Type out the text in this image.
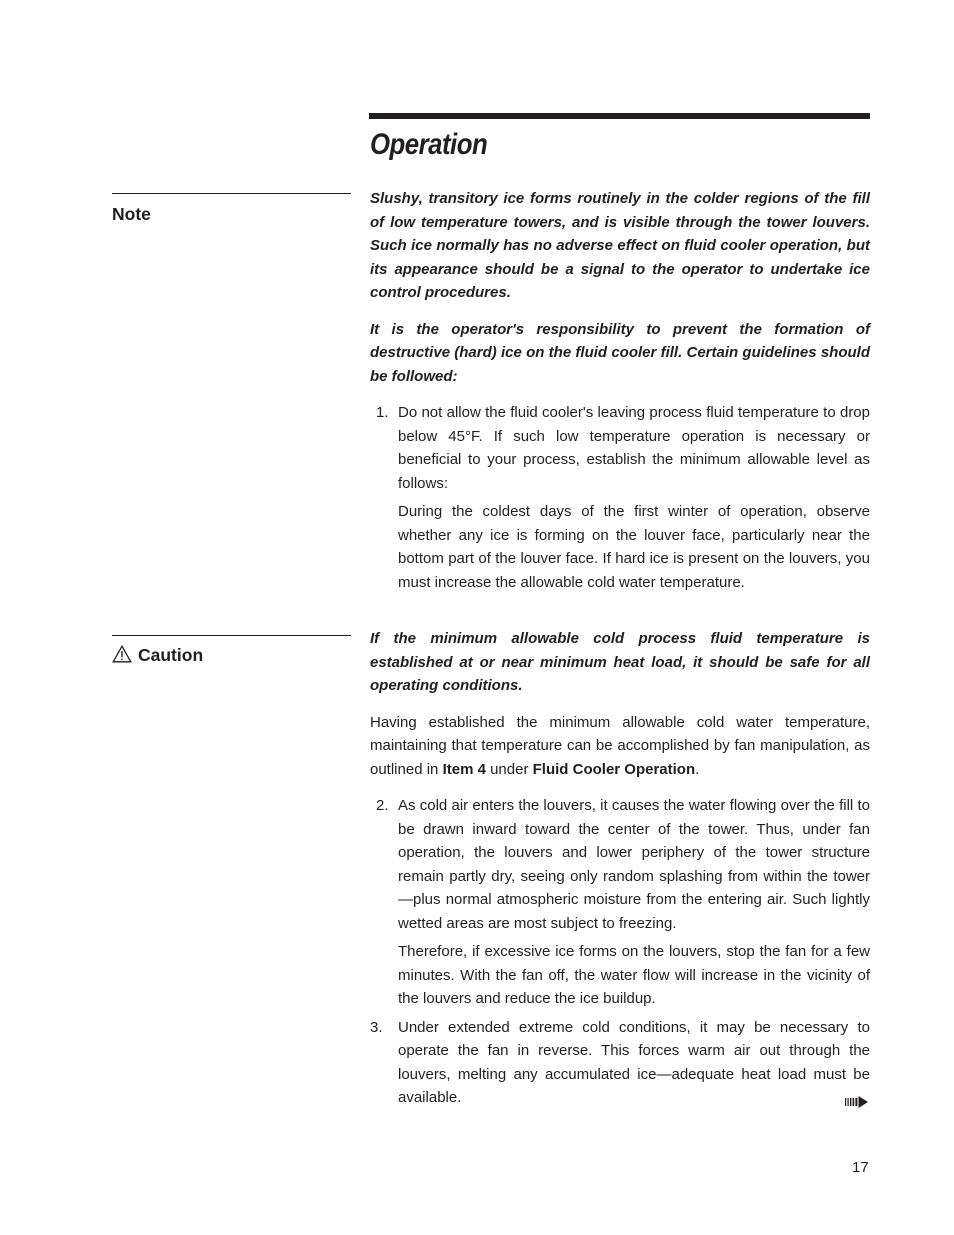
Operation
Note
Caution

Slushy, transitory ice forms routinely in the colder regions of the fill of low temperature towers, and is visible through the tower louvers. Such ice normally has no adverse effect on fluid cooler operation, but its appearance should be a signal to the operator to undertake ice control procedures.

It is the operator's responsibility to prevent the formation of destructive (hard) ice on the fluid cooler fill. Certain guidelines should be followed:

1. Do not allow the fluid cooler's leaving process fluid temperature to drop below 45°F. If such low temperature operation is necessary or beneficial to your process, establish the minimum allowable level as follows:

During the coldest days of the first winter of operation, observe whether any ice is forming on the louver face, particularly near the bottom part of the louver face. If hard ice is present on the louvers, you must increase the allowable cold water temperature.

If the minimum allowable cold process fluid temperature is established at or near minimum heat load, it should be safe for all operating conditions.

Having established the minimum allowable cold water temperature, maintaining that temperature can be accomplished by fan manipulation, as outlined in Item 4 under Fluid Cooler Operation.

2. As cold air enters the louvers, it causes the water flowing over the fill to be drawn inward toward the center of the tower. Thus, under fan operation, the louvers and lower periphery of the tower structure remain partly dry, seeing only random splashing from within the tower—plus normal atmospheric moisture from the entering air. Such lightly wetted areas are most subject to freezing.

Therefore, if excessive ice forms on the louvers, stop the fan for a few minutes. With the fan off, the water flow will increase in the vicinity of the louvers and reduce the ice buildup.

3. Under extended extreme cold conditions, it may be necessary to operate the fan in reverse. This forces warm air out through the louvers, melting any accumulated ice—adequate heat load must be available.

17
